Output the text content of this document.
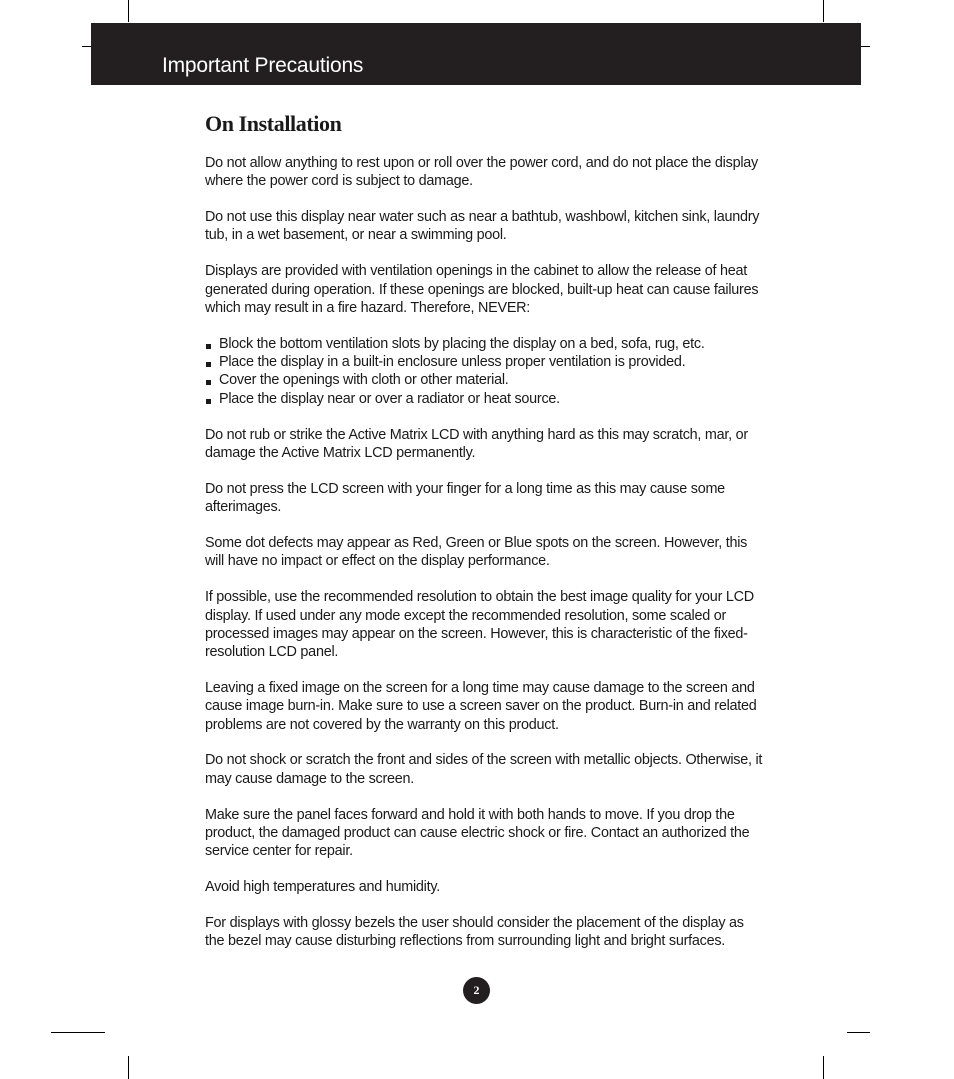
Important Precautions
On Installation

Do not allow anything to rest upon or roll over the power cord, and do not place the display where the power cord is subject to damage.

Do not use this display near water such as near a bathtub, washbowl, kitchen sink, laundry tub, in a wet basement, or near a swimming pool.

Displays are provided with ventilation openings in the cabinet to allow the release of heat generated during operation. If these openings are blocked, built-up heat can cause failures which may result in a fire hazard. Therefore, NEVER:

Block the bottom ventilation slots by placing the display on a bed, sofa, rug, etc.
Place the display in a built-in enclosure unless proper ventilation is provided.
Cover the openings with cloth or other material.
Place the display near or over a radiator or heat source.

Do not rub or strike the Active Matrix LCD with anything hard as this may scratch, mar, or damage the Active Matrix LCD permanently.

Do not press the LCD screen with your finger for a long time as this may cause some afterimages.

Some dot defects may appear as Red, Green or Blue spots on the screen. However, this will have no impact or effect on the display performance.

If possible, use the recommended resolution to obtain the best image quality for your LCD display. If used under any mode except the recommended resolution, some scaled or processed images may appear on the screen. However, this is characteristic of the fixed-resolution LCD panel.

Leaving a fixed image on the screen for a long time may cause damage to the screen and cause image burn-in. Make sure to use a screen saver on the product. Burn-in and related problems are not covered by the warranty on this product.

Do not shock or scratch the front and sides of the screen with metallic objects. Otherwise, it may cause damage to the screen.

Make sure the panel faces forward and hold it with both hands to move. If you drop the product, the damaged product can cause electric shock or fire. Contact an authorized the service center for repair.

Avoid high temperatures and humidity.

For displays with glossy bezels the user should consider the placement of the display as the bezel may cause disturbing reflections from surrounding light and bright surfaces.

2
